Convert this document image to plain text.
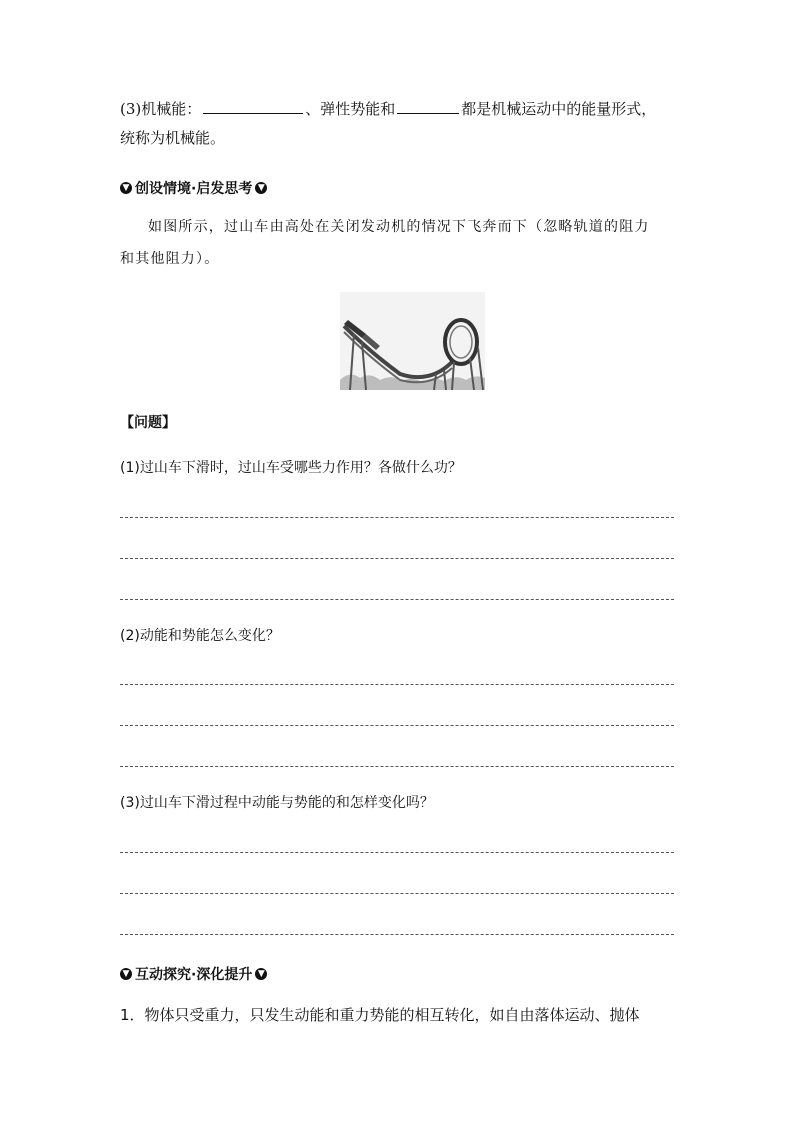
(3)机械能：	、弹性势能和	都是机械运动中的能量形式，
统称为机械能。
▼ 创设情境·启发思考 ▼
如图所示，过山车由高处在关闭发动机的情况下飞奔而下（忽略轨道的阻力
和其他阻力）。
【问题】
(1)过山车下滑时，过山车受哪些力作用？各做什么功？
(2)动能和势能怎么变化？
(3)过山车下滑过程中动能与势能的和怎样变化吗？
▼ 互动探究·深化提升 ▼
1．物体只受重力，只发生动能和重力势能的相互转化，如自由落体运动、抛体
